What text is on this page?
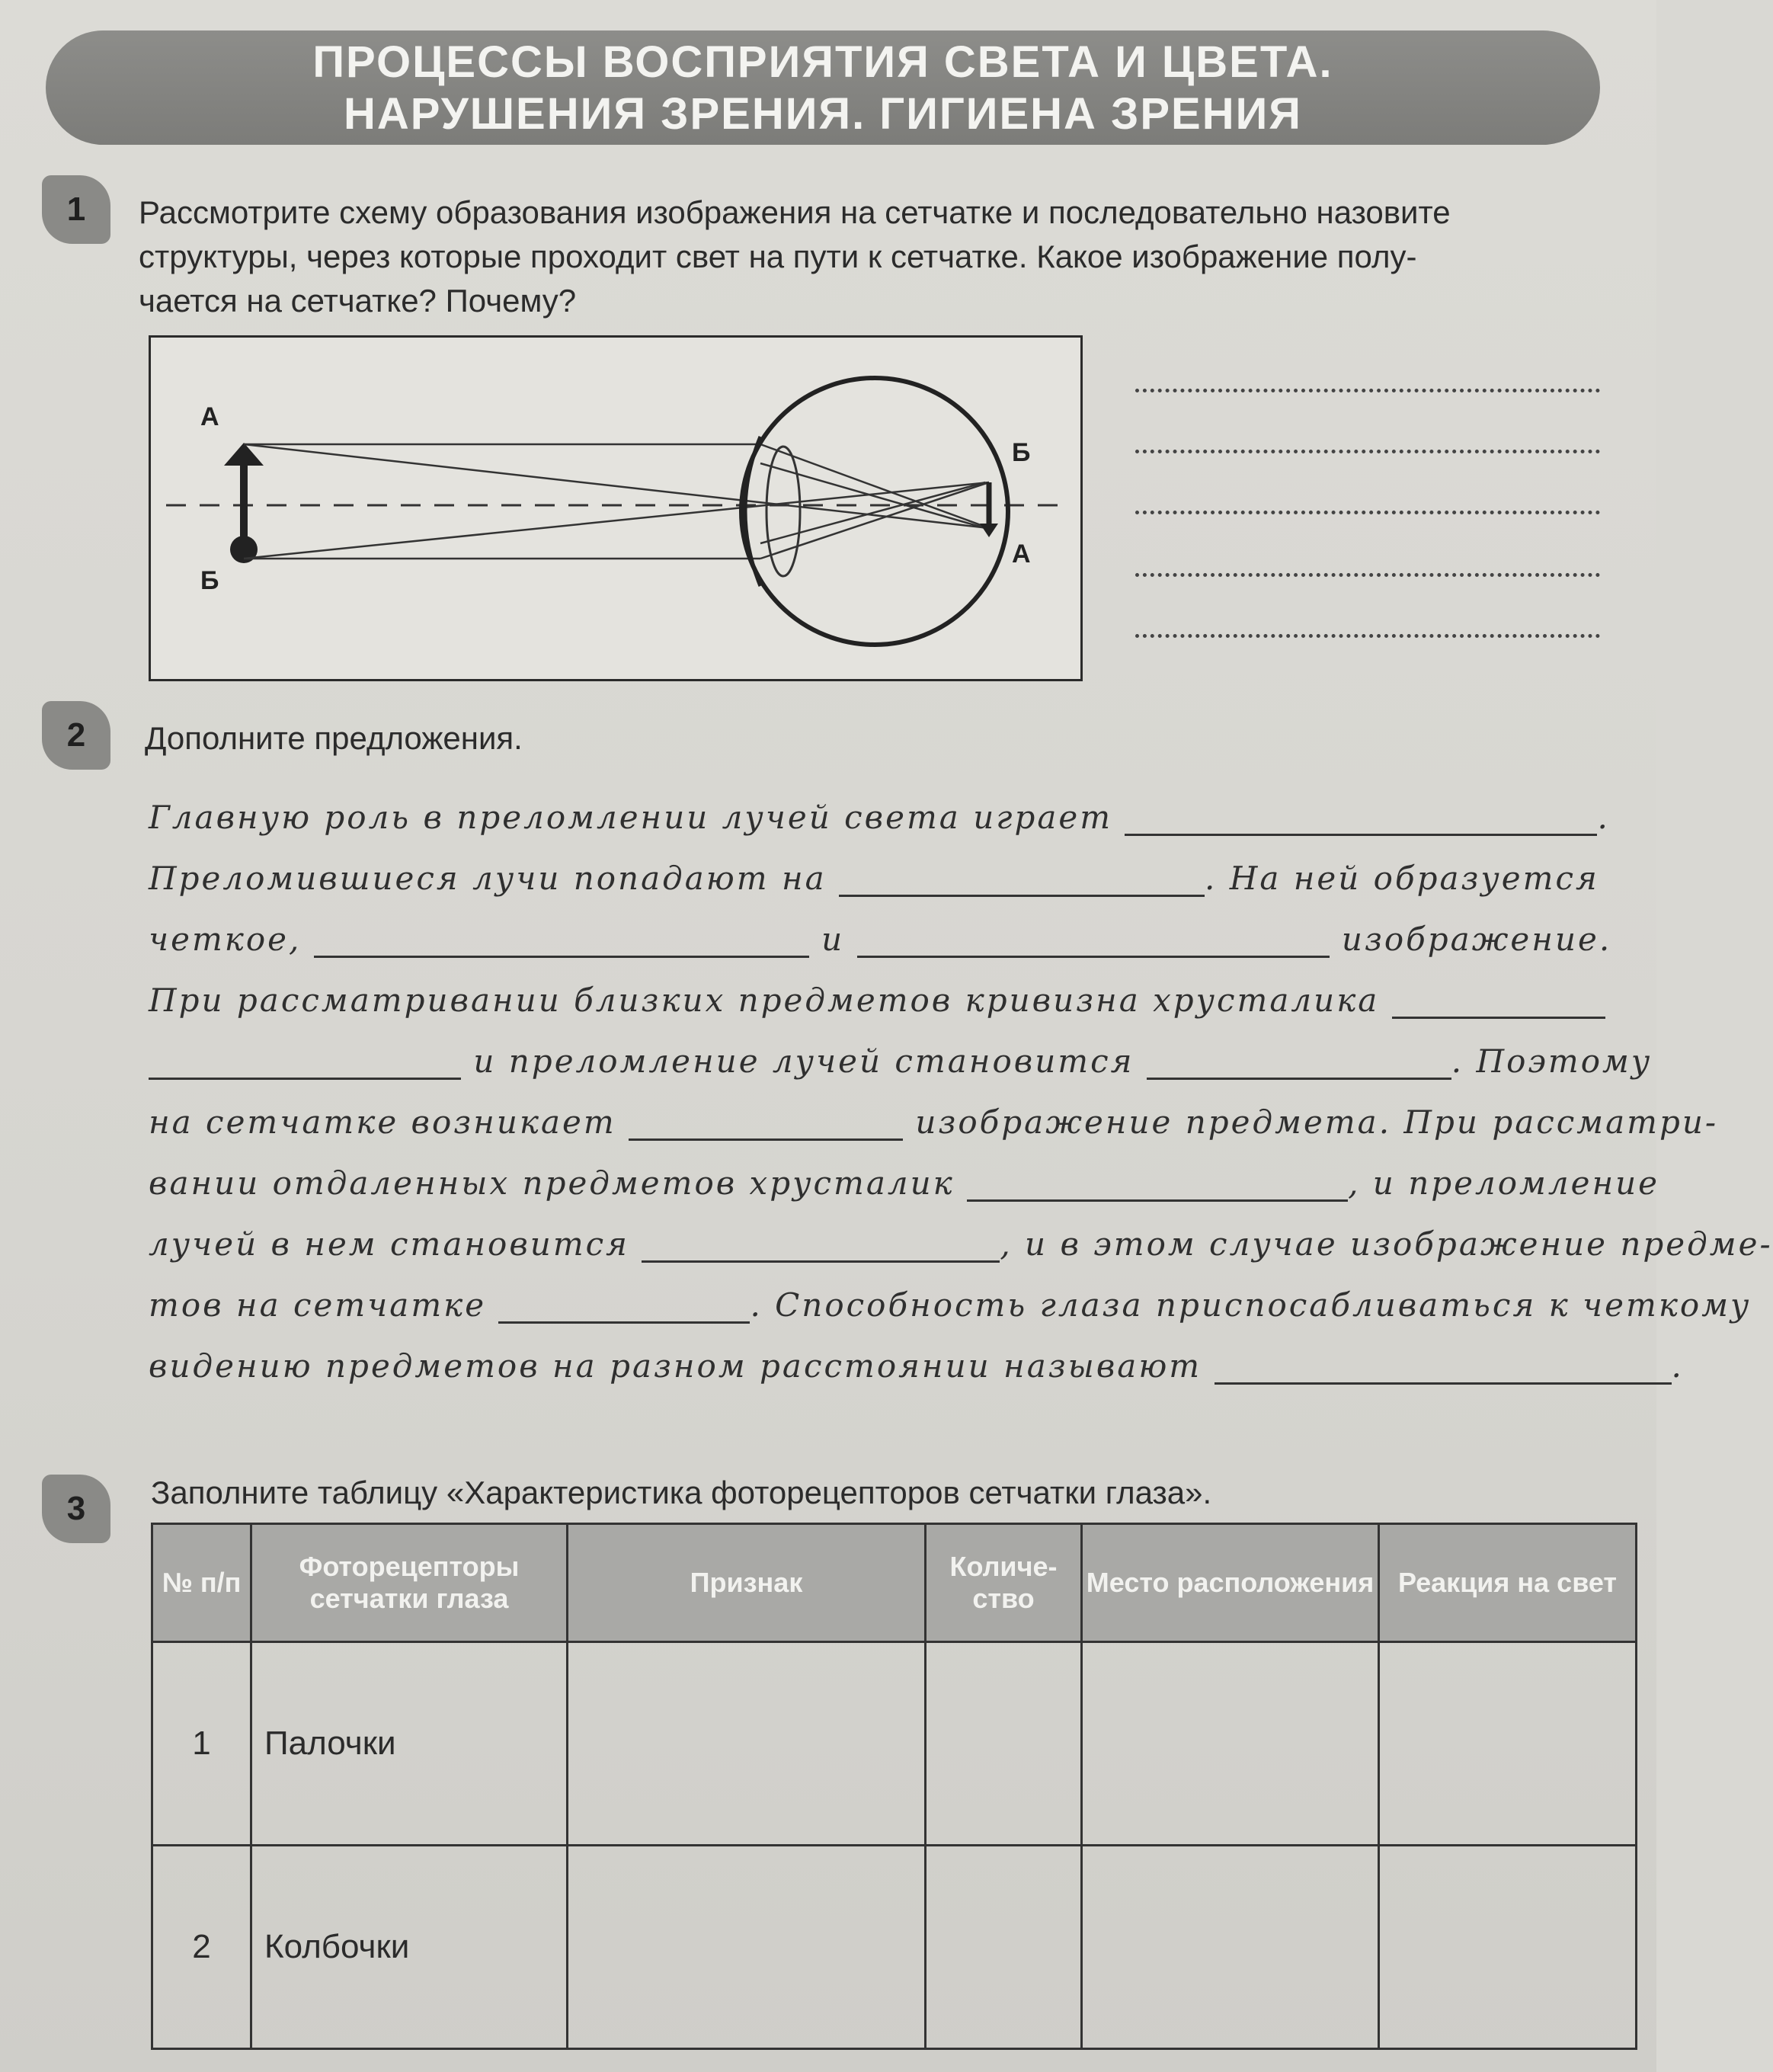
ПРОЦЕССЫ ВОСПРИЯТИЯ СВЕТА И ЦВЕТА.
НАРУШЕНИЯ ЗРЕНИЯ. ГИГИЕНА ЗРЕНИЯ
1	Рассмотрите схему образования изображения на сетчатке и последовательно назовите
структуры, через которые проходит свет на пути к сетчатке. Какое изображение полу-
чается на сетчатке? Почему?
А
Б
Б
А
2	Дополните предложения.
Главную роль в преломлении лучей света играет	.
Преломившиеся лучи попадают на	. На ней образуется
четкое,	и	изображение.
При рассматривании близких предметов кривизна хрусталика
и преломление лучей становится	. Поэтому
на сетчатке возникает	изображение предмета. При рассматри-
вании отдаленных предметов хрусталик	, и преломление
лучей в нем становится	, и в этом случае изображение предме-
тов на сетчатке	. Способность глаза приспосабливаться к четкому
видению предметов на разном расстоянии называют	.
3	Заполните таблицу «Характеристика фоторецепторов сетчатки глаза».
№ п/п	Фоторецепторы сетчатки глаза	Признак	Количе-ство	Место расположения	Реакция на свет
1	Палочки				
2	Колбочки				
